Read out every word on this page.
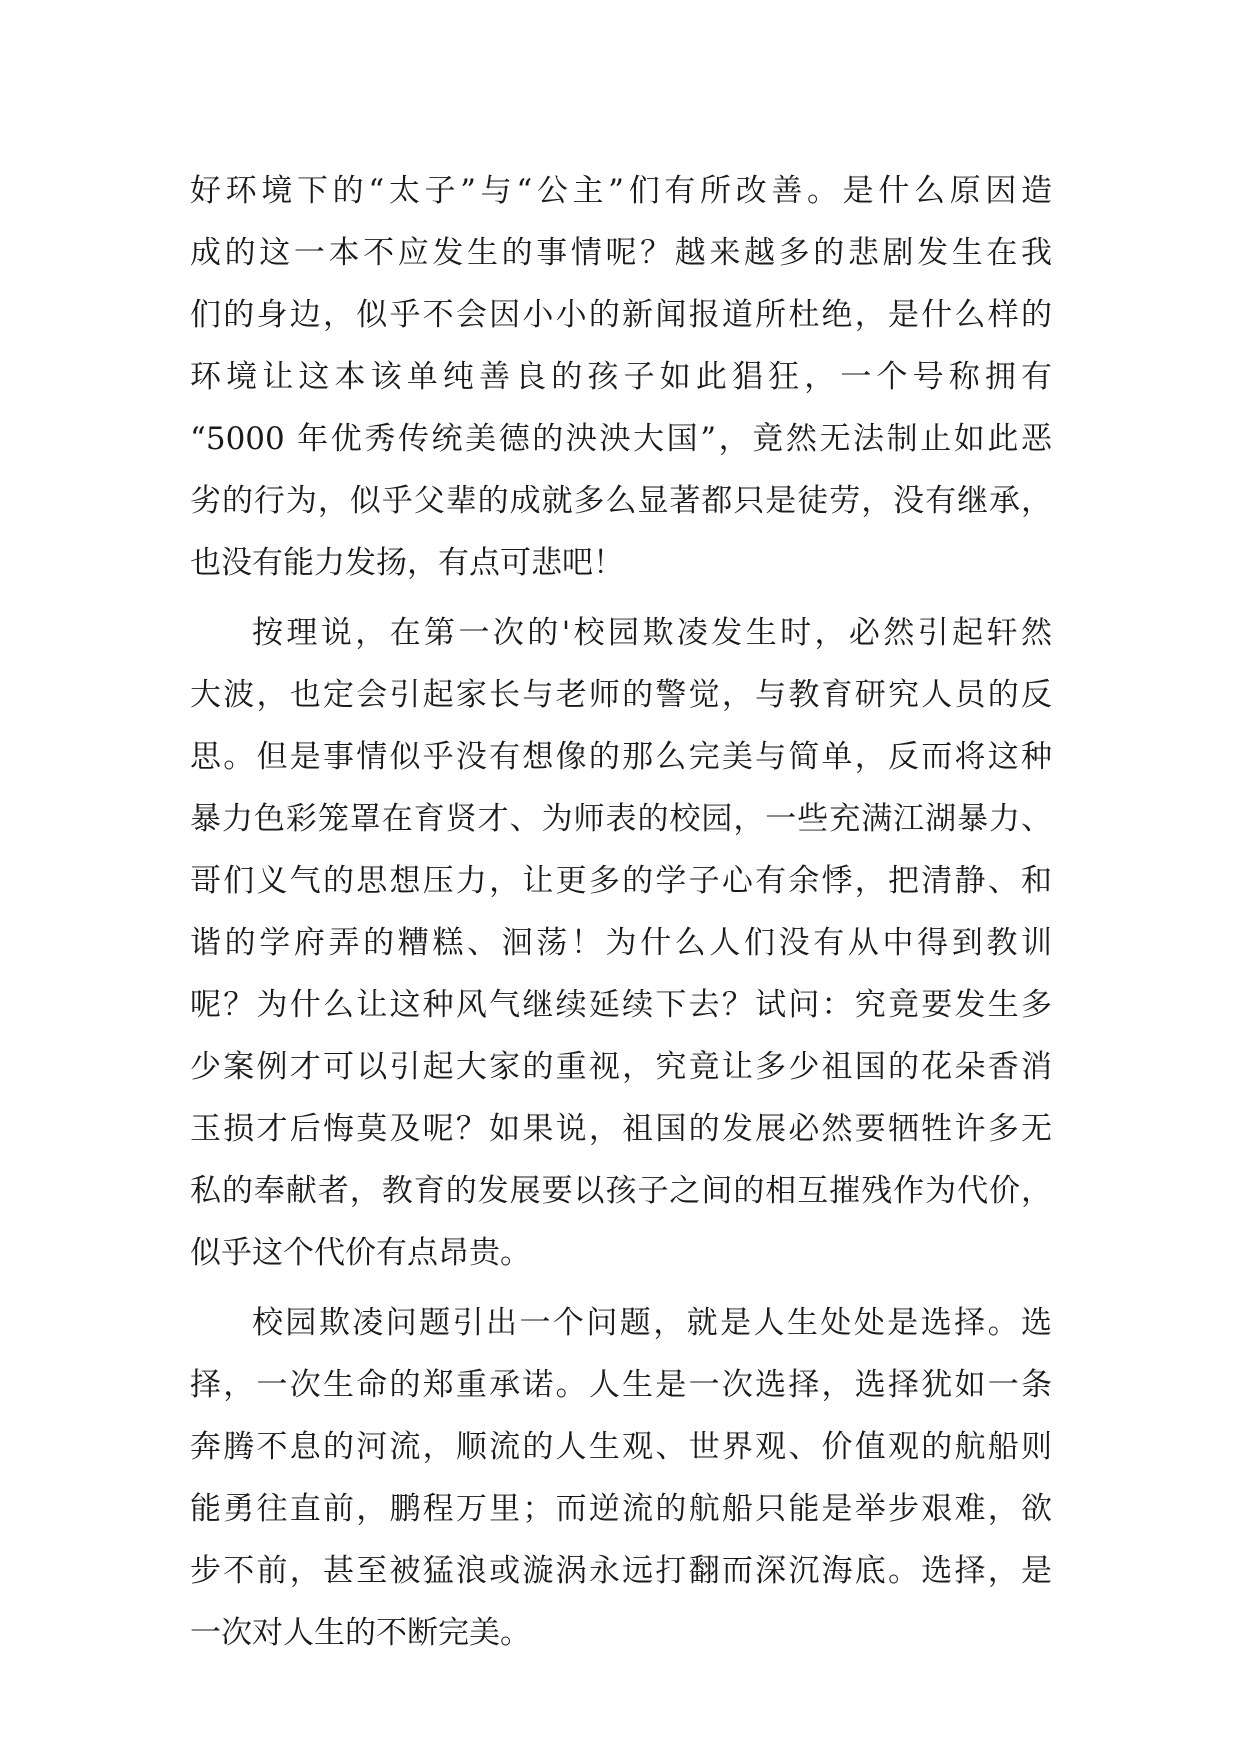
好环境下的“太子”与“公主”们有所改善。是什么原因造
成的这一本不应发生的事情呢？越来越多的悲剧发生在我
们的身边，似乎不会因小小的新闻报道所杜绝，是什么样的
环境让这本该单纯善良的孩子如此猖狂，一个号称拥有
“5000 年优秀传统美德的泱泱大国”，竟然无法制止如此恶
劣的行为，似乎父辈的成就多么显著都只是徒劳，没有继承，
也没有能力发扬，有点可悲吧！
按理说，在第一次的'校园欺凌发生时，必然引起轩然
大波，也定会引起家长与老师的警觉，与教育研究人员的反
思。但是事情似乎没有想像的那么完美与简单，反而将这种
暴力色彩笼罩在育贤才、为师表的校园，一些充满江湖暴力、
哥们义气的思想压力，让更多的学子心有余悸，把清静、和
谐的学府弄的糟糕、洄荡！为什么人们没有从中得到教训
呢？为什么让这种风气继续延续下去？试问：究竟要发生多
少案例才可以引起大家的重视，究竟让多少祖国的花朵香消
玉损才后悔莫及呢？如果说，祖国的发展必然要牺牲许多无
私的奉献者，教育的发展要以孩子之间的相互摧残作为代价，
似乎这个代价有点昂贵。
校园欺凌问题引出一个问题，就是人生处处是选择。选
择，一次生命的郑重承诺。人生是一次选择，选择犹如一条
奔腾不息的河流，顺流的人生观、世界观、价值观的航船则
能勇往直前，鹏程万里；而逆流的航船只能是举步艰难，欲
步不前，甚至被猛浪或漩涡永远打翻而深沉海底。选择，是
一次对人生的不断完美。
